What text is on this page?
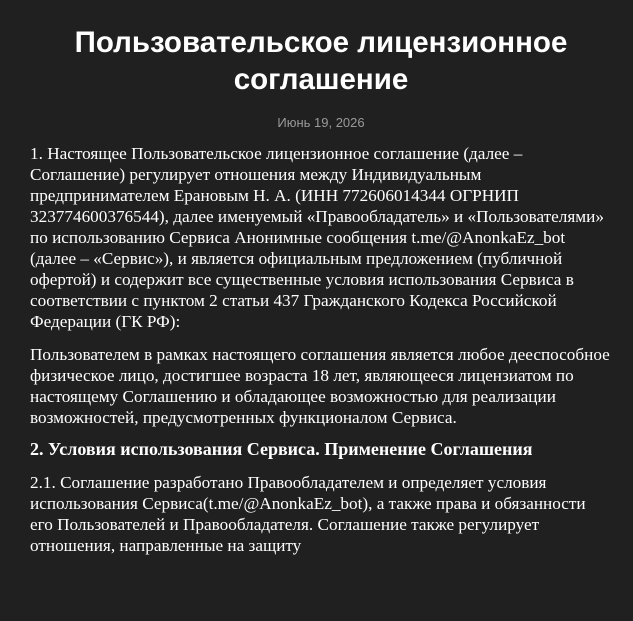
Пользовательское лицензионное соглашение
Июнь 19, 2026

1. Настоящее Пользовательское лицензионное соглашение (далее – Соглашение) регулирует отношения между Индивидуальным предпринимателем Ерановым Н. А. (ИНН 772606014344 ОГРНИП 323774600376544), далее именуемый «Правообладатель» и «Пользователями» по использованию Сервиса Анонимные сообщения t.me/@AnonkaEz_bot (далее – «Сервис»), и является официальным предложением (публичной офертой) и содержит все существенные условия использования Сервиса в соответствии с пунктом 2 статьи 437 Гражданского Кодекса Российской Федерации (ГК РФ):

Пользователем в рамках настоящего соглашения является любое дееспособное физическое лицо, достигшее возраста 18 лет, являющееся лицензиатом по настоящему Соглашению и обладающее возможностью для реализации возможностей, предусмотренных функционалом Сервиса.

2. Условия использования Сервиса. Применение Соглашения

2.1. Соглашение разработано Правообладателем и определяет условия использования Сервиса(t.me/@AnonkaEz_bot), а также права и обязанности его Пользователей и Правообладателя. Соглашение также регулирует отношения, направленные на защиту
